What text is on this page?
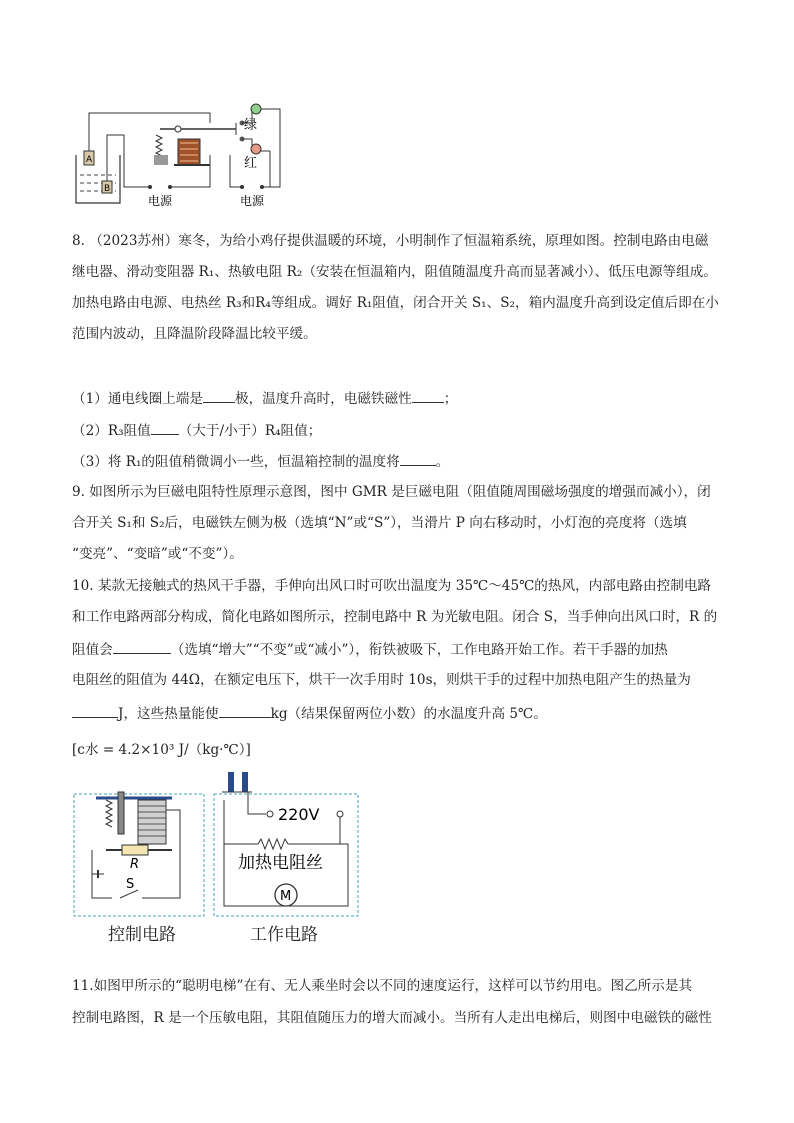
A
B
绿
红
电源	电源
8. （2023苏州）寒冬，为给小鸡仔提供温暖的环境，小明制作了恒温箱系统，原理如图。控制电路由电磁
继电器、滑动变阻器 R₁、热敏电阻 R₂（安装在恒温箱内，阻值随温度升高而显著减小）、低压电源等组成。
加热电路由电源、电热丝 R₃和R₄等组成。调好 R₁阻值，闭合开关 S₁、S₂，箱内温度升高到设定值后即在小
范围内波动，且降温阶段降温比较平缓。
（1）通电线圈上端是 极，温度升高时，电磁铁磁性 ；
（2）R₃阻值 （大于/小于）R₄阻值；
（3）将 R₁的阻值稍微调小一些，恒温箱控制的温度将	。
9. 如图所示为巨磁电阻特性原理示意图，图中 GMR 是巨磁电阻（阻值随周围磁场强度的增强而减小），闭
合开关 S₁和 S₂后，电磁铁左侧为极（选填“N”或“S”），当滑片 P 向右移动时，小灯泡的亮度将（选填
“变亮”、“变暗”或“不变”）。
10. 某款无接触式的热风干手器，手伸向出风口时可吹出温度为 35℃～45℃的热风，内部电路由控制电路
和工作电路两部分构成，简化电路如图所示，控制电路中 R 为光敏电阻。闭合 S，当手伸向出风口时，R 的
阻值会	（选填“增大”“不变”或“减小”），衔铁被吸下，工作电路开始工作。若干手器的加热
电阻丝的阻值为 44Ω，在额定电压下，烘干一次手用时 10s，则烘干手的过程中加热电阻产生的热量为
J，这些热量能使	kg（结果保留两位小数）的水温度升高 5℃。
[c水 = 4.2×10³ J/（kg·℃）]
R
S
220V
加热电阻丝
M
控制电路	工作电路
11.如图甲所示的“聪明电梯”在有、无人乘坐时会以不同的速度运行，这样可以节约用电。图乙所示是其
控制电路图，R 是一个压敏电阻，其阻值随压力的增大而减小。当所有人走出电梯后，则图中电磁铁的磁性
